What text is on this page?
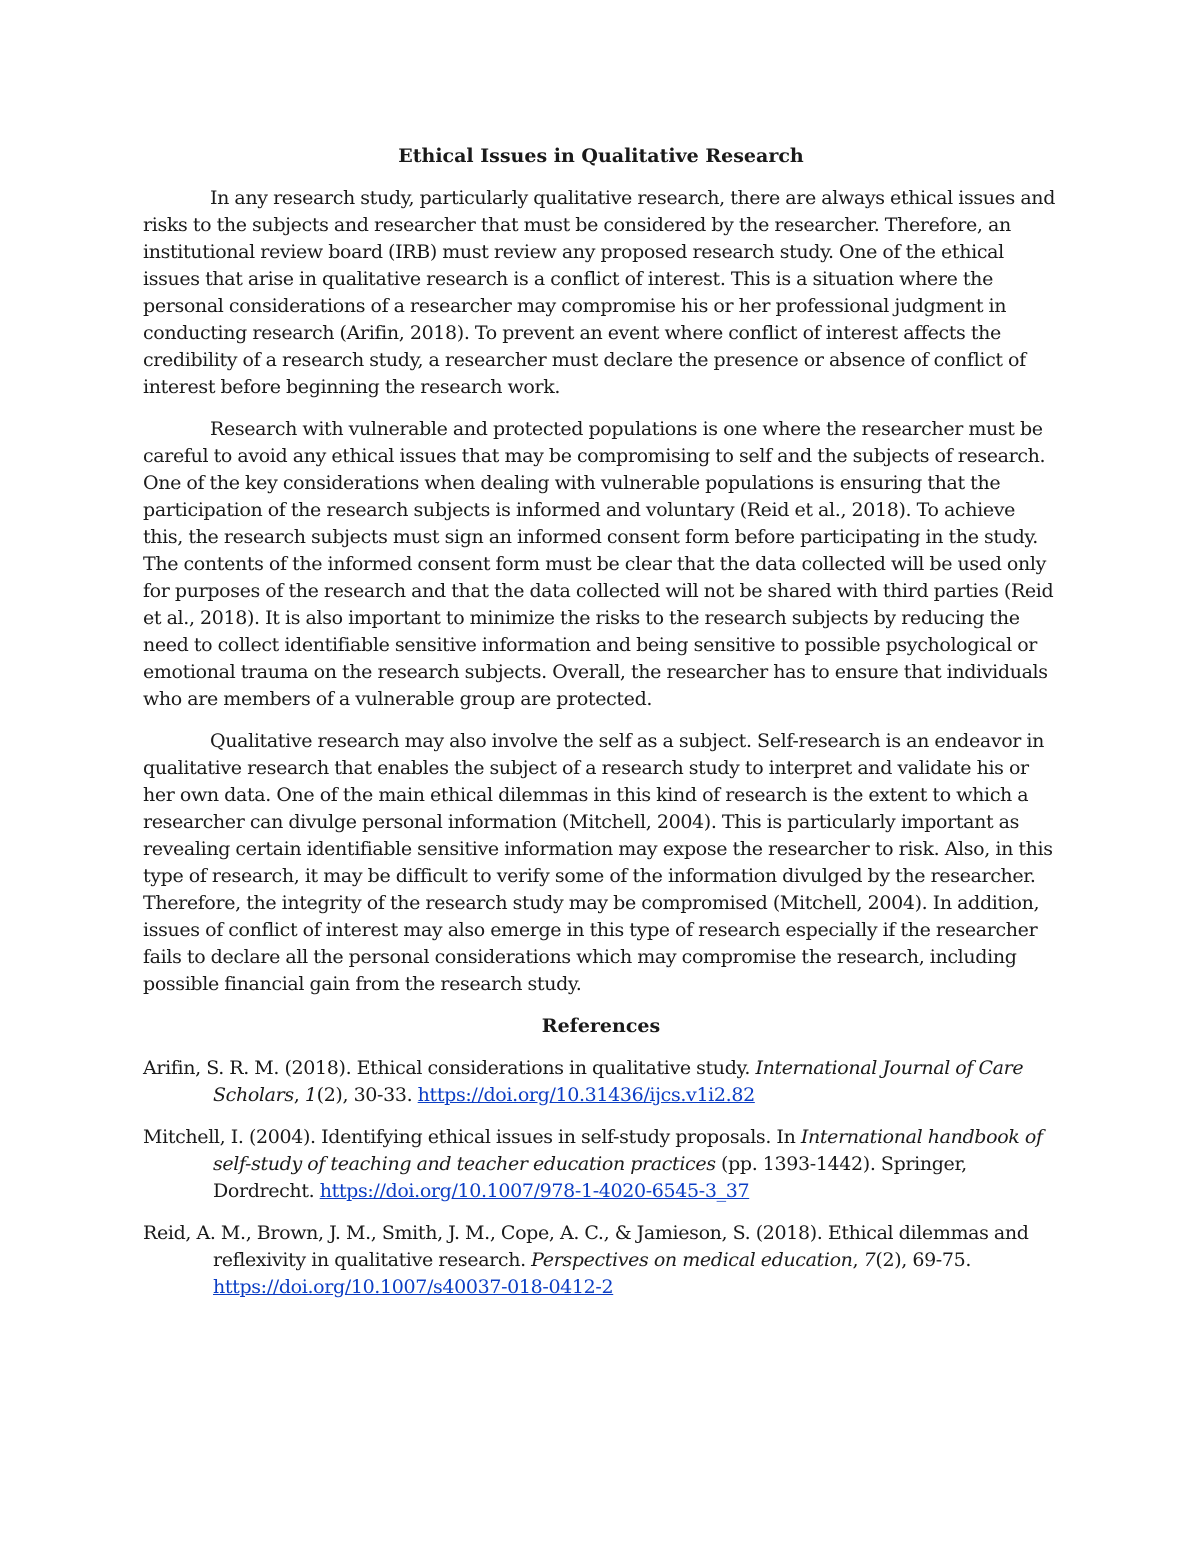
Ethical Issues in Qualitative Research

In any research study, particularly qualitative research, there are always ethical issues and risks to the subjects and researcher that must be considered by the researcher. Therefore, an institutional review board (IRB) must review any proposed research study. One of the ethical issues that arise in qualitative research is a conflict of interest. This is a situation where the personal considerations of a researcher may compromise his or her professional judgment in conducting research (Arifin, 2018). To prevent an event where conflict of interest affects the credibility of a research study, a researcher must declare the presence or absence of conflict of interest before beginning the research work.

Research with vulnerable and protected populations is one where the researcher must be careful to avoid any ethical issues that may be compromising to self and the subjects of research. One of the key considerations when dealing with vulnerable populations is ensuring that the participation of the research subjects is informed and voluntary (Reid et al., 2018). To achieve this, the research subjects must sign an informed consent form before participating in the study. The contents of the informed consent form must be clear that the data collected will be used only for purposes of the research and that the data collected will not be shared with third parties (Reid et al., 2018). It is also important to minimize the risks to the research subjects by reducing the need to collect identifiable sensitive information and being sensitive to possible psychological or emotional trauma on the research subjects. Overall, the researcher has to ensure that individuals who are members of a vulnerable group are protected.

Qualitative research may also involve the self as a subject. Self-research is an endeavor in qualitative research that enables the subject of a research study to interpret and validate his or her own data. One of the main ethical dilemmas in this kind of research is the extent to which a researcher can divulge personal information (Mitchell, 2004). This is particularly important as revealing certain identifiable sensitive information may expose the researcher to risk. Also, in this type of research, it may be difficult to verify some of the information divulged by the researcher. Therefore, the integrity of the research study may be compromised (Mitchell, 2004). In addition, issues of conflict of interest may also emerge in this type of research especially if the researcher fails to declare all the personal considerations which may compromise the research, including possible financial gain from the research study.

References

Arifin, S. R. M. (2018). Ethical considerations in qualitative study. International Journal of Care Scholars, 1(2), 30-33. https://doi.org/10.31436/ijcs.v1i2.82

Mitchell, I. (2004). Identifying ethical issues in self-study proposals. In International handbook of self-study of teaching and teacher education practices (pp. 1393-1442). Springer, Dordrecht. https://doi.org/10.1007/978-1-4020-6545-3_37

Reid, A. M., Brown, J. M., Smith, J. M., Cope, A. C., & Jamieson, S. (2018). Ethical dilemmas and reflexivity in qualitative research. Perspectives on medical education, 7(2), 69-75. https://doi.org/10.1007/s40037-018-0412-2
